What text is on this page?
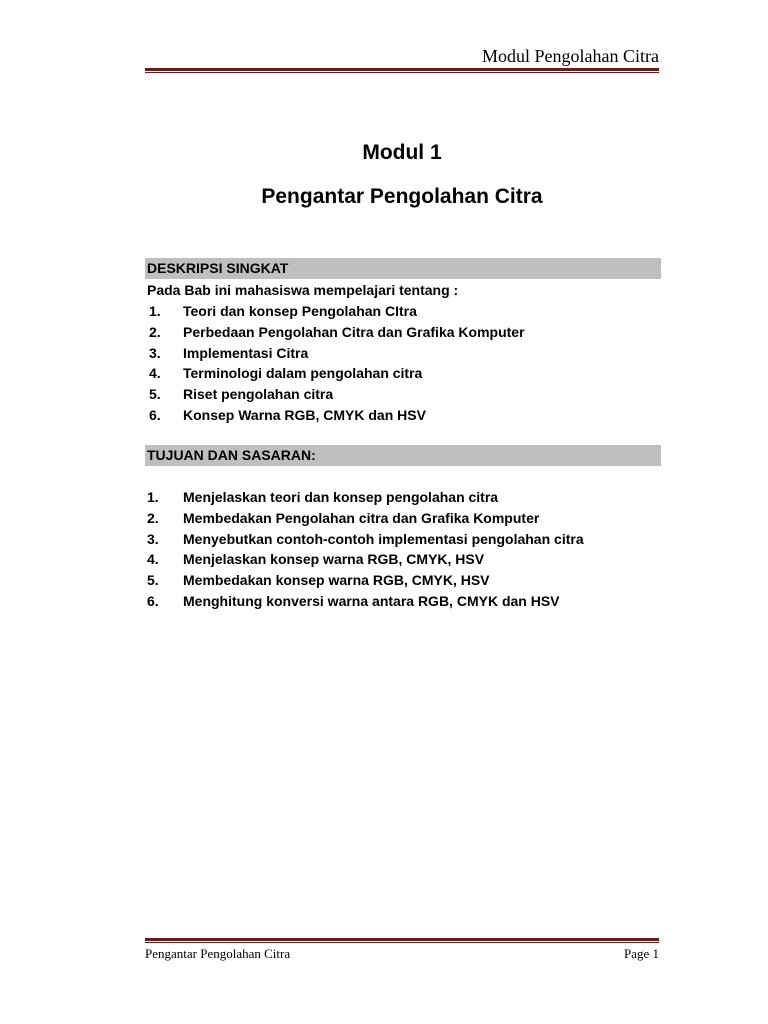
Modul Pengolahan Citra
Modul 1
Pengantar Pengolahan Citra
DESKRIPSI SINGKAT
Pada Bab ini mahasiswa mempelajari tentang :
1.	Teori dan konsep Pengolahan CItra
2.	Perbedaan Pengolahan Citra dan Grafika Komputer
3.	Implementasi Citra
4.	Terminologi dalam pengolahan citra
5.	Riset pengolahan citra
6.	Konsep Warna RGB, CMYK dan HSV
TUJUAN DAN SASARAN:
1.	Menjelaskan teori dan konsep pengolahan citra
2.	Membedakan Pengolahan citra dan Grafika Komputer
3.	Menyebutkan contoh-contoh implementasi pengolahan citra
4.	Menjelaskan konsep warna RGB, CMYK, HSV
5.	Membedakan konsep warna RGB, CMYK, HSV
6.	Menghitung konversi warna antara RGB, CMYK dan HSV
Pengantar Pengolahan Citra	Page 1
